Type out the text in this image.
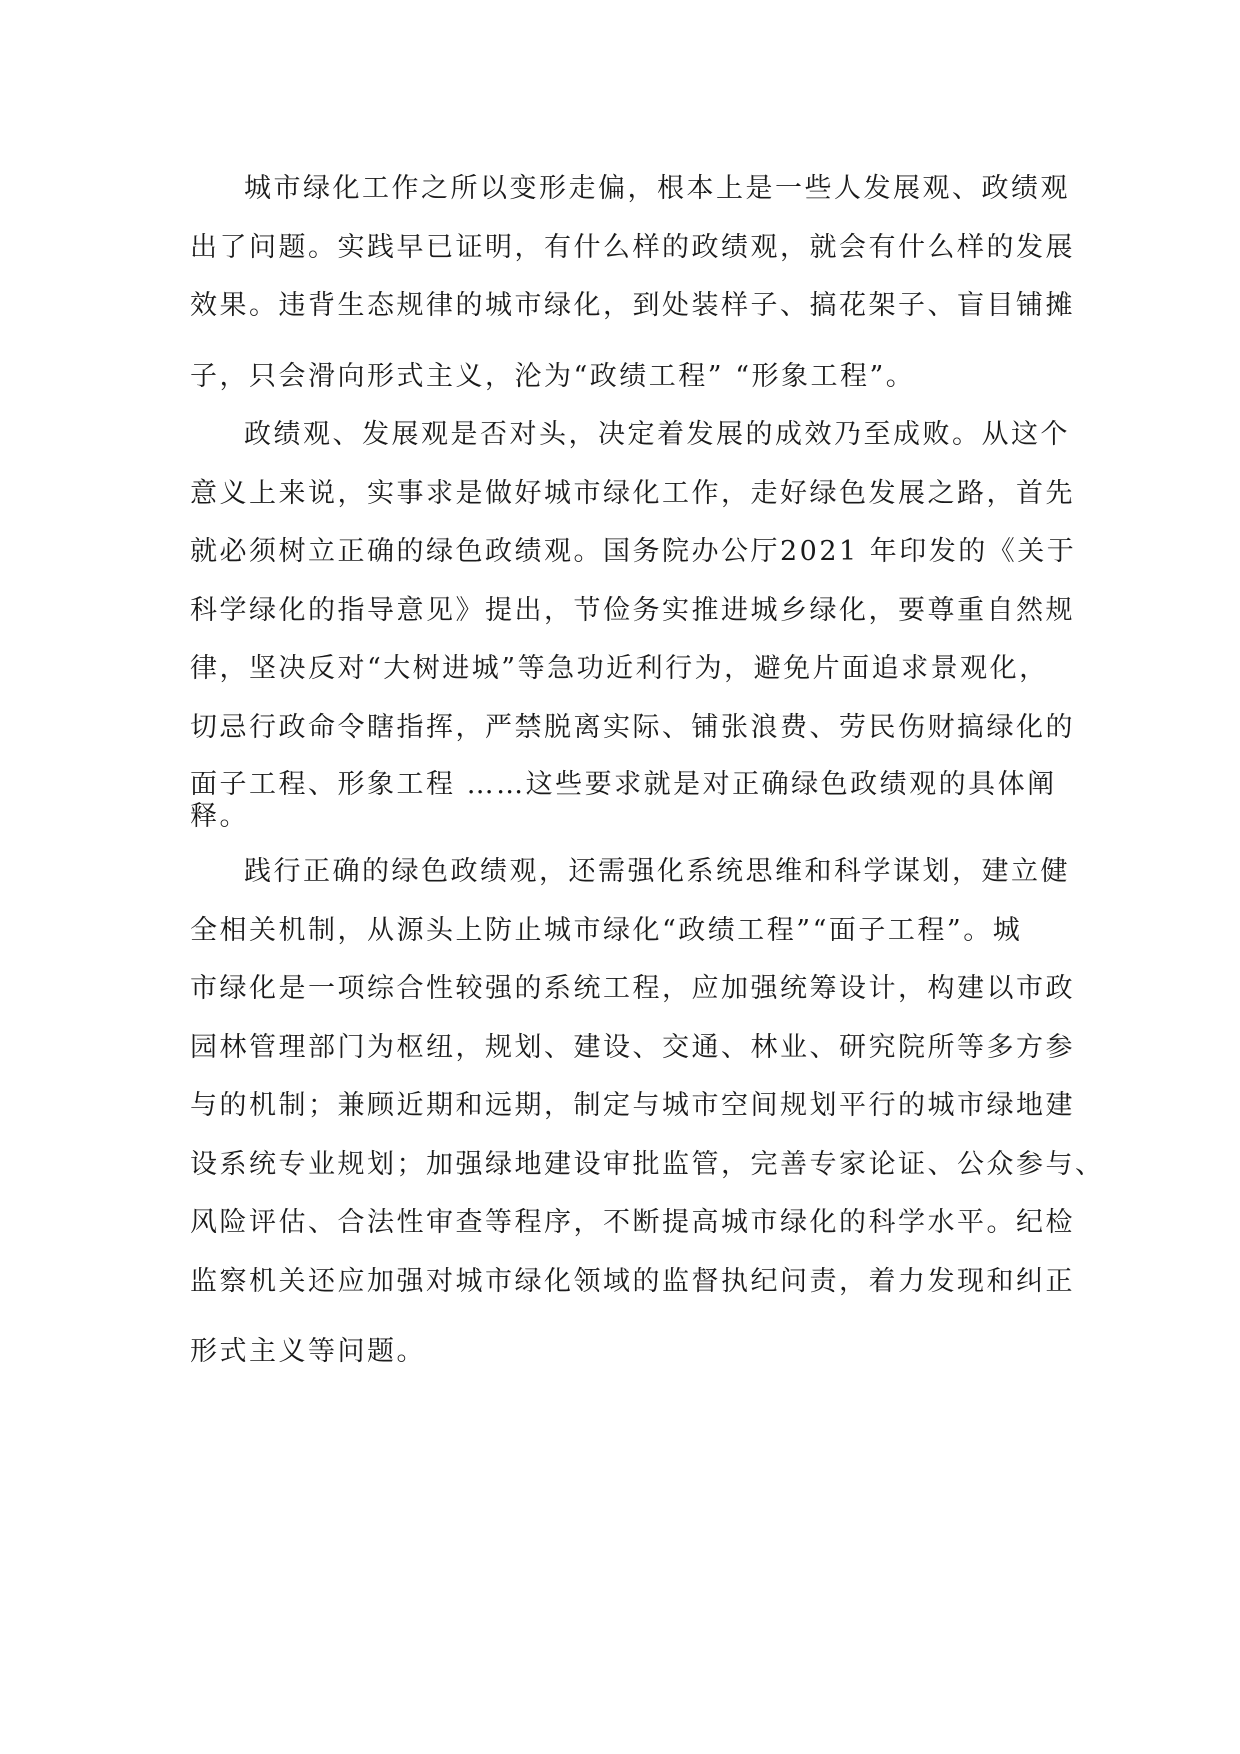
城市绿化工作之所以变形走偏，根本上是一些人发展观、政绩观
出了问题。实践早已证明，有什么样的政绩观，就会有什么样的发展
效果。违背生态规律的城市绿化，到处装样子、搞花架子、盲目铺摊
子，只会滑向形式主义，沦为“政绩工程” “形象工程”。
政绩观、发展观是否对头，决定着发展的成效乃至成败。从这个
意义上来说，实事求是做好城市绿化工作，走好绿色发展之路，首先
就必须树立正确的绿色政绩观。国务院办公厅2021 年印发的《关于
科学绿化的指导意见》提出，节俭务实推进城乡绿化，要尊重自然规
律，坚决反对“大树进城”等急功近利行为，避免片面追求景观化，
切忌行政命令瞎指挥，严禁脱离实际、铺张浪费、劳民伤财搞绿化的
面子工程、形象工程 ……这些要求就是对正确绿色政绩观的具体阐
释。
践行正确的绿色政绩观，还需强化系统思维和科学谋划，建立健
全相关机制，从源头上防止城市绿化“政绩工程”“面子工程”。城
市绿化是一项综合性较强的系统工程，应加强统筹设计，构建以市政
园林管理部门为枢纽，规划、建设、交通、林业、研究院所等多方参
与的机制；兼顾近期和远期，制定与城市空间规划平行的城市绿地建
设系统专业规划；加强绿地建设审批监管，完善专家论证、公众参与、
风险评估、合法性审查等程序，不断提高城市绿化的科学水平。纪检
监察机关还应加强对城市绿化领域的监督执纪问责，着力发现和纠正
形式主义等问题。
